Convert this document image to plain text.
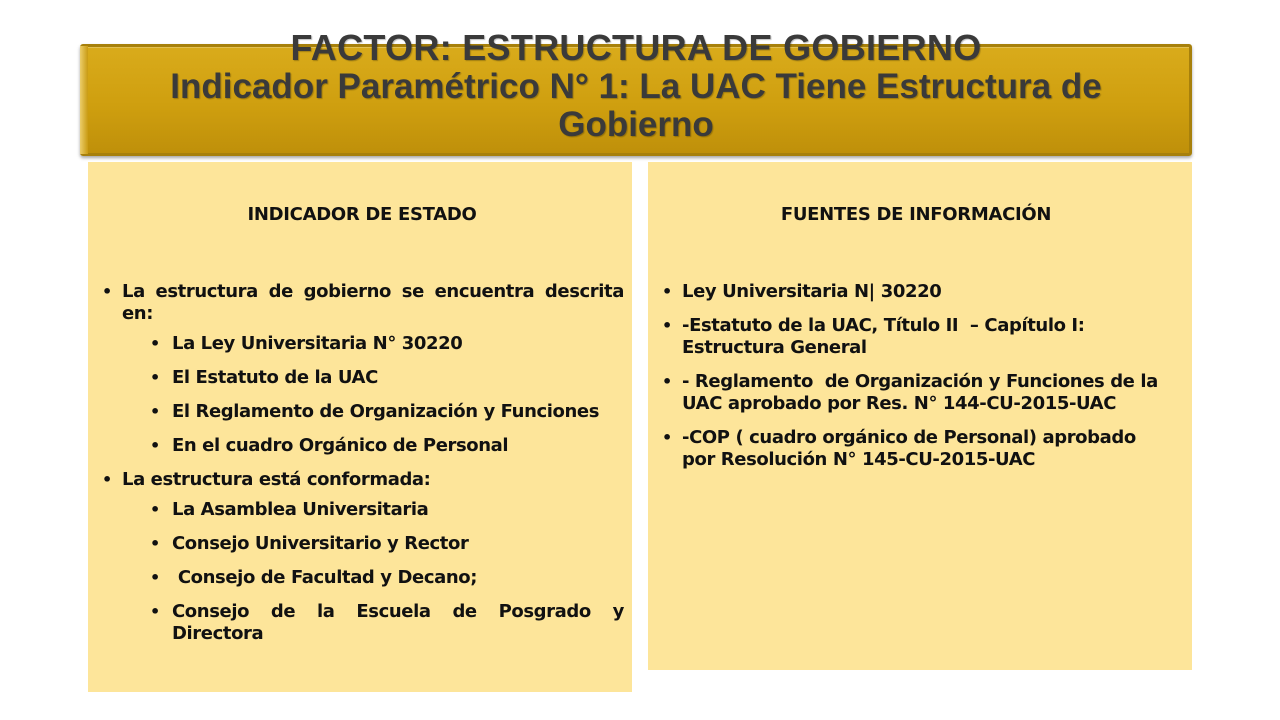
FACTOR: ESTRUCTURA DE GOBIERNO
Indicador Paramétrico N° 1: La UAC Tiene Estructura de Gobierno
INDICADOR DE ESTADO
• La estructura de gobierno se encuentra descrita en:
• La Ley Universitaria N° 30220
• El Estatuto de la UAC
• El Reglamento de Organización y Funciones
• En el cuadro Orgánico de Personal
• La estructura está conformada:
• La Asamblea Universitaria
• Consejo Universitario y Rector
• Consejo de Facultad y Decano;
• Consejo de la Escuela de Posgrado y Directora
FUENTES DE INFORMACIÓN
• Ley Universitaria N| 30220
• -Estatuto de la UAC, Título II  – Capítulo I: Estructura General
• - Reglamento  de Organización y Funciones de la UAC aprobado por Res. N° 144-CU-2015-UAC
• -COP ( cuadro orgánico de Personal) aprobado por Resolución N° 145-CU-2015-UAC
